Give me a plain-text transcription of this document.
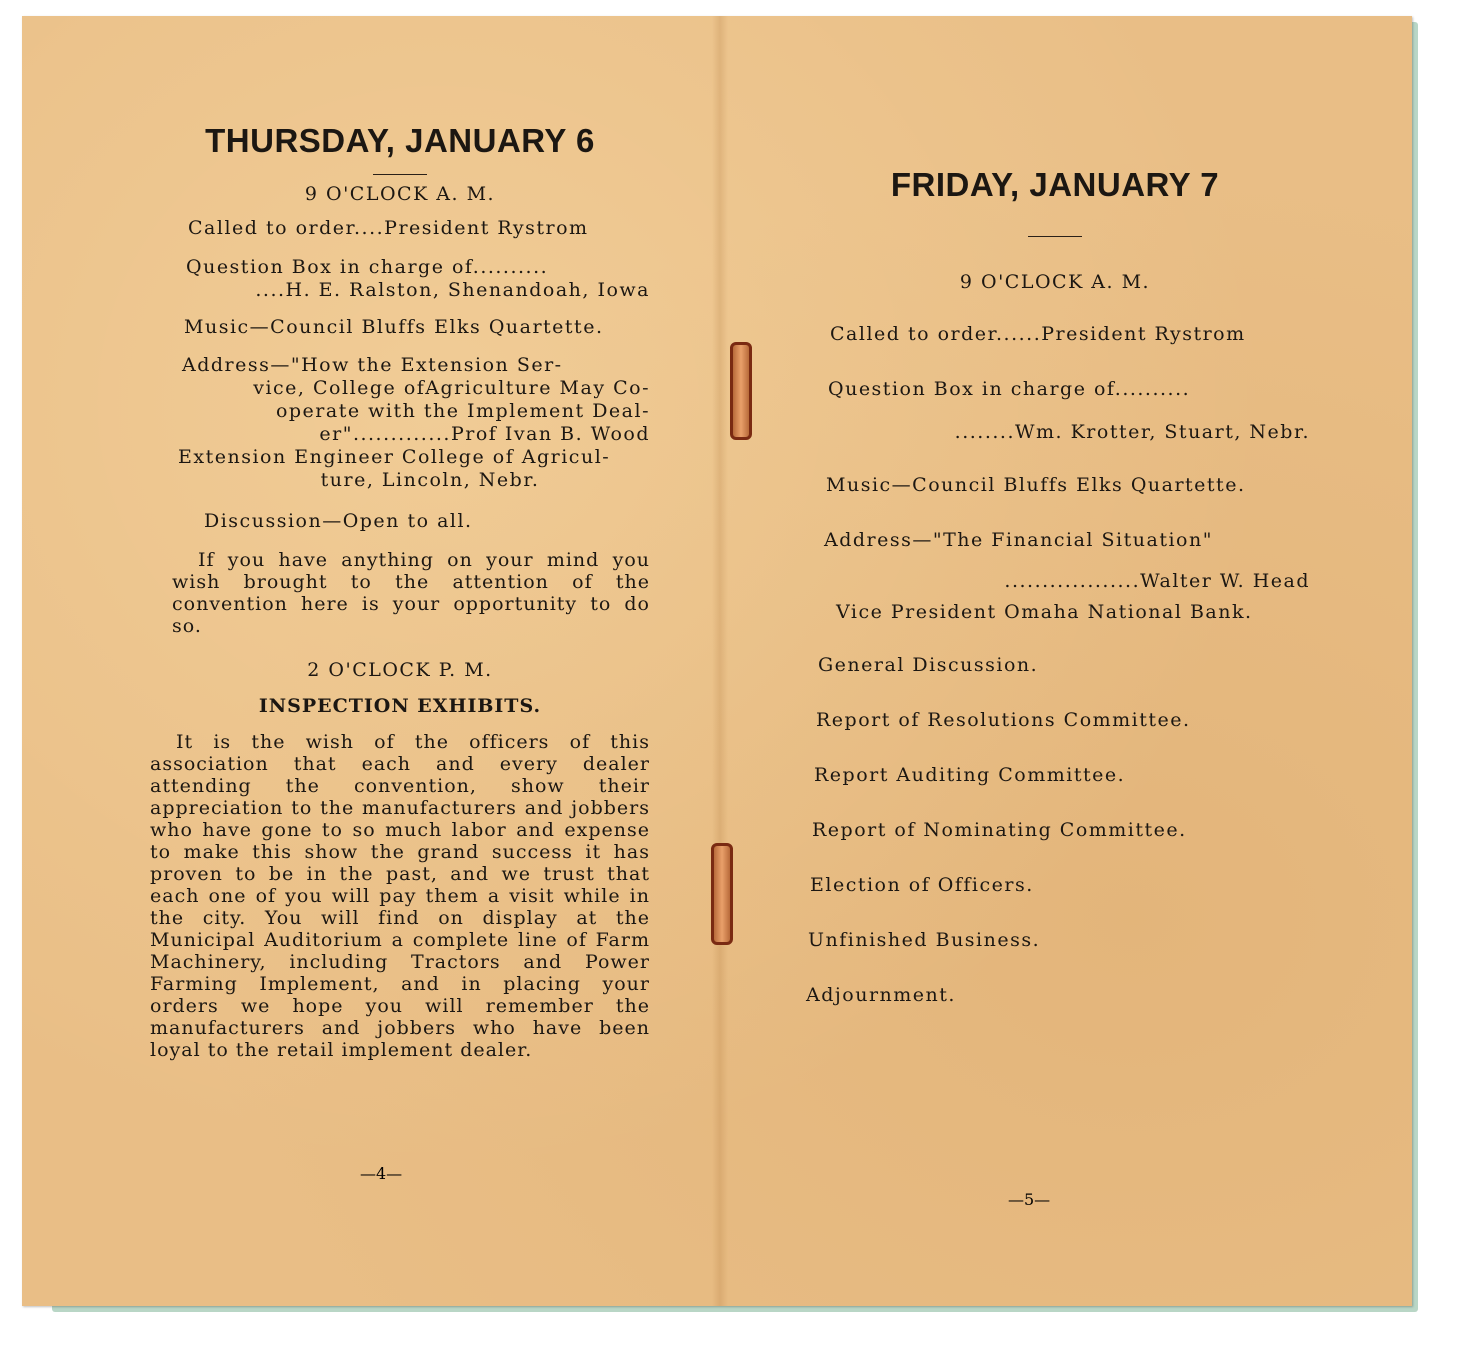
THURSDAY, JANUARY 6
9 O'CLOCK A. M.
Called to order....President Rystrom
Question Box in charge of..........
....H. E. Ralston, Shenandoah, Iowa
Music—Council Bluffs Elks Quartette.
Address—"How the Extension Ser-
vice, College ofAgriculture May Co-
operate with the Implement Deal-
er".............Prof Ivan B. Wood
Extension Engineer College of Agricul-
ture, Lincoln, Nebr.
Discussion—Open to all.
If you have anything on your mind you wish brought to the attention of the convention here is your opportunity to do so.
2 O'CLOCK P. M.
INSPECTION EXHIBITS.
It is the wish of the officers of this association that each and every dealer attending the convention, show their appreciation to the manufacturers and jobbers who have gone to so much labor and expense to make this show the grand success it has proven to be in the past, and we trust that each one of you will pay them a visit while in the city. You will find on display at the Municipal Auditorium a complete line of Farm Machinery, including Tractors and Power Farming Implement, and in placing your orders we hope you will remember the manufacturers and jobbers who have been loyal to the retail implement dealer.
—4—
FRIDAY, JANUARY 7
9 O'CLOCK A. M.
Called to order......President Rystrom
Question Box in charge of..........
........Wm. Krotter, Stuart, Nebr.
Music—Council Bluffs Elks Quartette.
Address—"The Financial Situation"
..................Walter W. Head
Vice President Omaha National Bank.
General Discussion.
Report of Resolutions Committee.
Report Auditing Committee.
Report of Nominating Committee.
Election of Officers.
Unfinished Business.
Adjournment.
—5—
